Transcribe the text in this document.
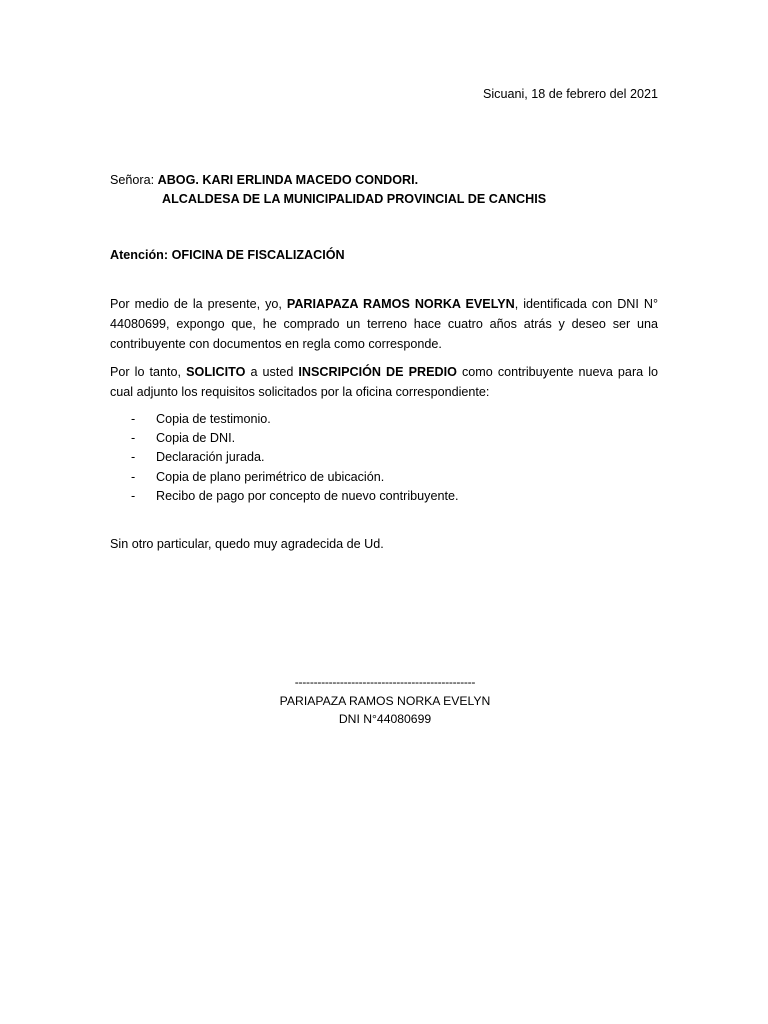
Sicuani, 18 de febrero del 2021
Señora: ABOG. KARI ERLINDA MACEDO CONDORI.
ALCALDESA DE LA MUNICIPALIDAD PROVINCIAL DE CANCHIS
Atención: OFICINA DE FISCALIZACIÓN

Por medio de la presente, yo, PARIAPAZA RAMOS NORKA EVELYN, identificada con DNI N° 44080699, expongo que, he comprado un terreno hace cuatro años atrás y deseo ser una contribuyente con documentos en regla como corresponde.

Por lo tanto, SOLICITO a usted INSCRIPCIÓN DE PREDIO como contribuyente nueva para lo cual adjunto los requisitos solicitados por la oficina correspondiente:

- Copia de testimonio.
- Copia de DNI.
- Declaración jurada.
- Copia de plano perimétrico de ubicación.
- Recibo de pago por concepto de nuevo contribuyente.
Sin otro particular, quedo muy agradecida de Ud.
------------------------------------------------
PARIAPAZA RAMOS NORKA EVELYN
DNI N°44080699
